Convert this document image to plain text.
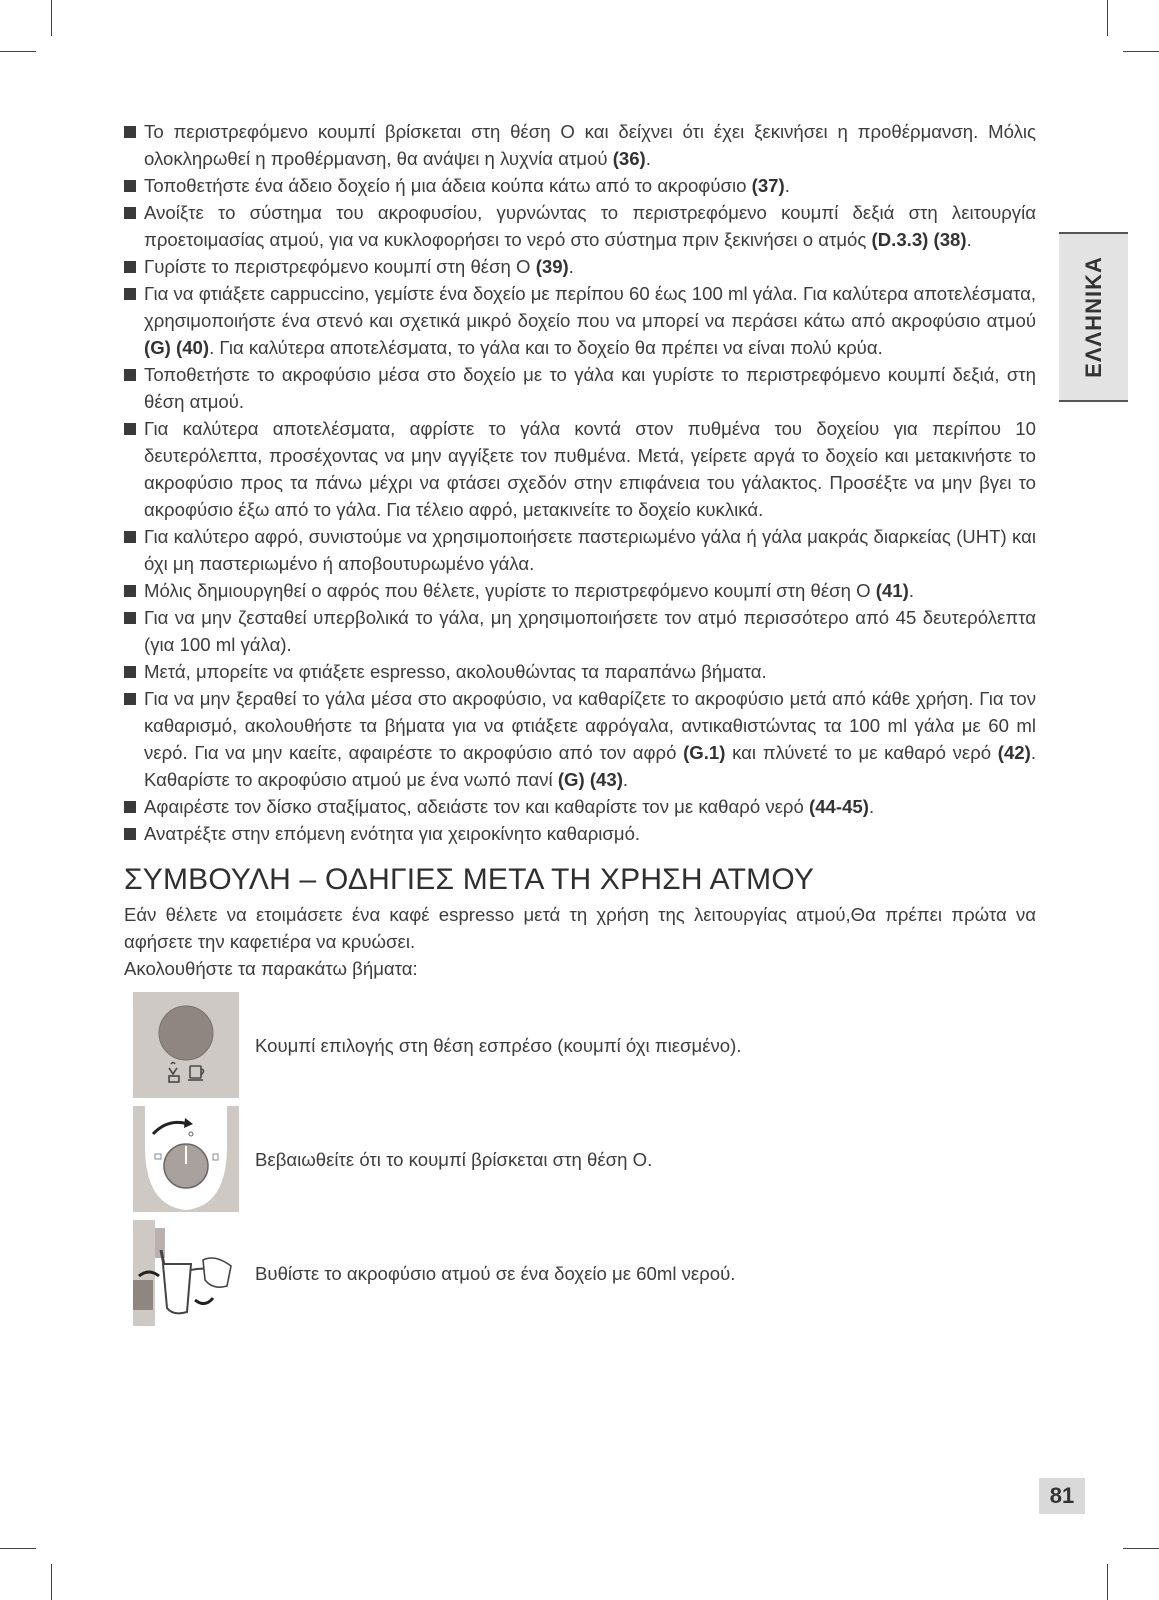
ΕΛΛΗΝΙΚΑ
Το περιστρεφόμενο κουμπί βρίσκεται στη θέση Ο και δείχνει ότι έχει ξεκινήσει η προθέρμανση. Μόλις ολοκληρωθεί η προθέρμανση, θα ανάψει η λυχνία ατμού (36).
Τοποθετήστε ένα άδειο δοχείο ή μια άδεια κούπα κάτω από το ακροφύσιο (37).
Ανοίξτε το σύστημα του ακροφυσίου, γυρνώντας το περιστρεφόμενο κουμπί δεξιά στη λειτουργία προετοιμασίας ατμού, για να κυκλοφορήσει το νερό στο σύστημα πριν ξεκινήσει ο ατμός (D.3.3) (38).
Γυρίστε το περιστρεφόμενο κουμπί στη θέση Ο (39).
Για να φτιάξετε cappuccino, γεμίστε ένα δοχείο με περίπου 60 έως 100 ml γάλα. Για καλύτερα αποτελέσματα, χρησιμοποιήστε ένα στενό και σχετικά μικρό δοχείο που να μπορεί να περάσει κάτω από ακροφύσιο ατμού (G) (40). Για καλύτερα αποτελέσματα, το γάλα και το δοχείο θα πρέπει να είναι πολύ κρύα.
Τοποθετήστε το ακροφύσιο μέσα στο δοχείο με το γάλα και γυρίστε το περιστρεφόμενο κουμπί δεξιά, στη θέση ατμού.
Για καλύτερα αποτελέσματα, αφρίστε το γάλα κοντά στον πυθμένα του δοχείου για περίπου 10 δευτερόλεπτα, προσέχοντας να μην αγγίξετε τον πυθμένα. Μετά, γείρετε αργά το δοχείο και μετακινήστε το ακροφύσιο προς τα πάνω μέχρι να φτάσει σχεδόν στην επιφάνεια του γάλακτος. Προσέξτε να μην βγει το ακροφύσιο έξω από το γάλα. Για τέλειο αφρό, μετακινείτε το δοχείο κυκλικά.
Για καλύτερο αφρό, συνιστούμε να χρησιμοποιήσετε παστεριωμένο γάλα ή γάλα μακράς διαρκείας (UHT) και όχι μη παστεριωμένο ή αποβουτυρωμένο γάλα.
Μόλις δημιουργηθεί ο αφρός που θέλετε, γυρίστε το περιστρεφόμενο κουμπί στη θέση Ο (41).
Για να μην ζεσταθεί υπερβολικά το γάλα, μη χρησιμοποιήσετε τον ατμό περισσότερο από 45 δευτερόλεπτα (για 100 ml γάλα).
Μετά, μπορείτε να φτιάξετε espresso, ακολουθώντας τα παραπάνω βήματα.
Για να μην ξεραθεί το γάλα μέσα στο ακροφύσιο, να καθαρίζετε το ακροφύσιο μετά από κάθε χρήση. Για τον καθαρισμό, ακολουθήστε τα βήματα για να φτιάξετε αφρόγαλα, αντικαθιστώντας τα 100 ml γάλα με 60 ml νερό. Για να μην καείτε, αφαιρέστε το ακροφύσιο από τον αφρό (G.1) και πλύνετέ το με καθαρό νερό (42). Καθαρίστε το ακροφύσιο ατμού με ένα νωπό πανί (G) (43).
Αφαιρέστε τον δίσκο σταξίματος, αδειάστε τον και καθαρίστε τον με καθαρό νερό (44-45).
Ανατρέξτε στην επόμενη ενότητα για χειροκίνητο καθαρισμό.
ΣΥΜΒΟΥΛΗ – ΟΔΗΓΙΕΣ ΜΕΤΑ ΤΗ ΧΡΗΣΗ ΑΤΜΟΥ

Εάν θέλετε να ετοιμάσετε ένα καφέ espresso μετά τη χρήση της λειτουργίας ατμού,Θα πρέπει πρώτα να αφήσετε την καφετιέρα να κρυώσει.

Ακολουθήστε τα παρακάτω βήματα:

Κουμπί επιλογής στη θέση εσπρέσο (κουμπί όχι πιεσμένο).
Βεβαιωθείτε ότι το κουμπί βρίσκεται στη θέση Ο.
Βυθίστε το ακροφύσιο ατμού σε ένα δοχείο με 60ml νερού.
81
